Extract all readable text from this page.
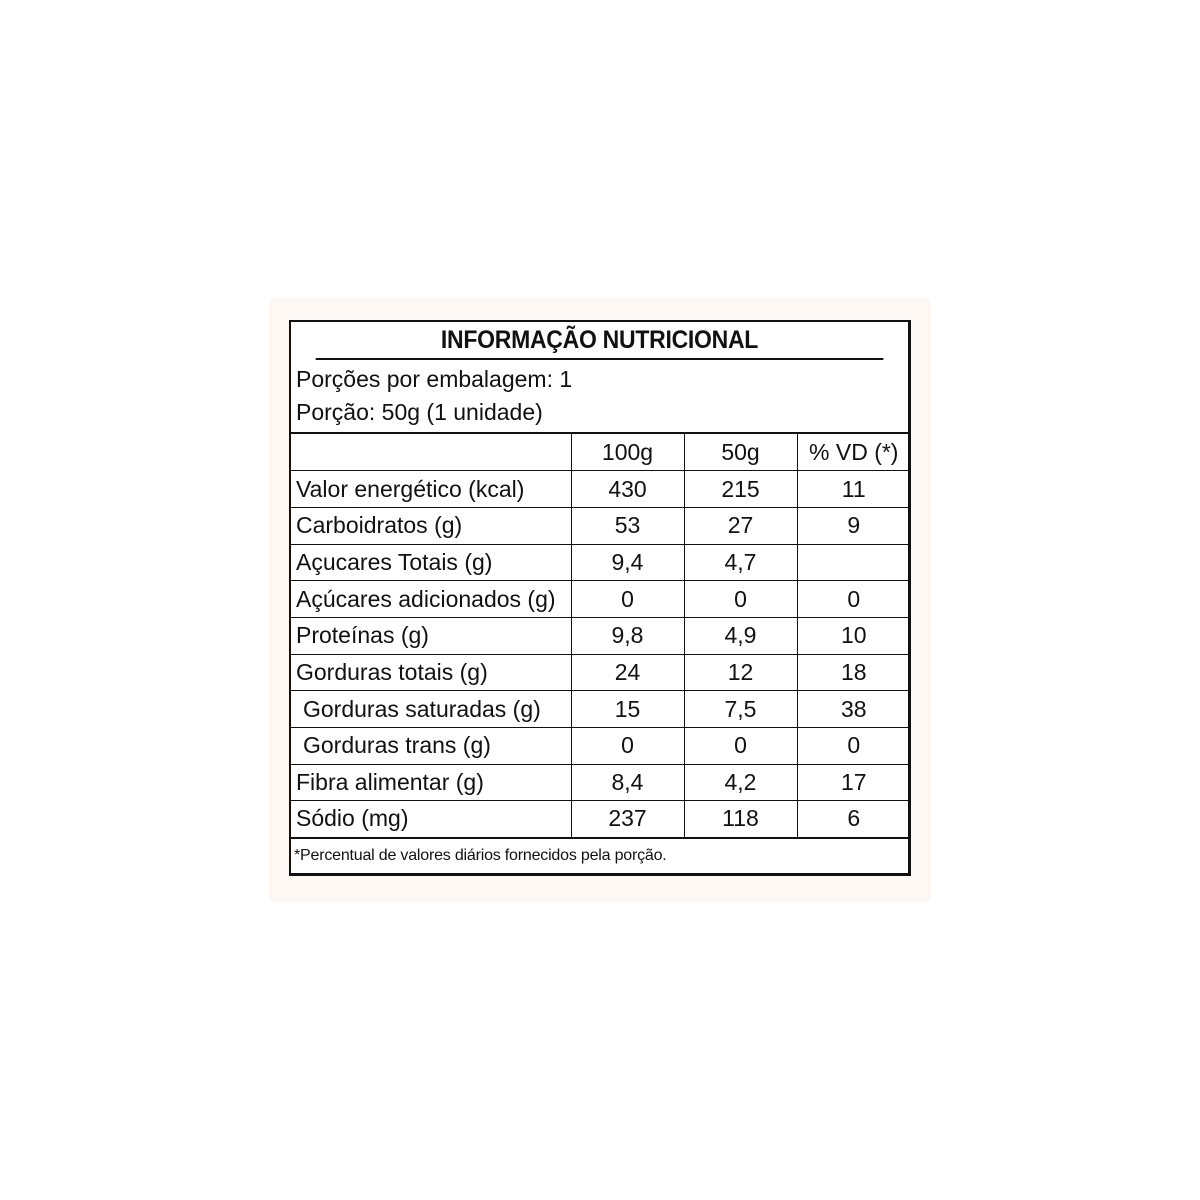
INFORMAÇÃO NUTRICIONAL
Porções por embalagem: 1
Porção: 50g (1 unidade)
	100g	50g	% VD (*)
Valor energético (kcal)	430	215	11
Carboidratos (g)	53	27	9
Açucares Totais (g)	9,4	4,7	
Açúcares adicionados (g)	0	0	0
Proteínas (g)	9,8	4,9	10
Gorduras totais (g)	24	12	18
Gorduras saturadas (g)	15	7,5	38
Gorduras trans (g)	0	0	0
Fibra alimentar (g)	8,4	4,2	17
Sódio (mg)	237	118	6
*Percentual de valores diários fornecidos pela porção.
